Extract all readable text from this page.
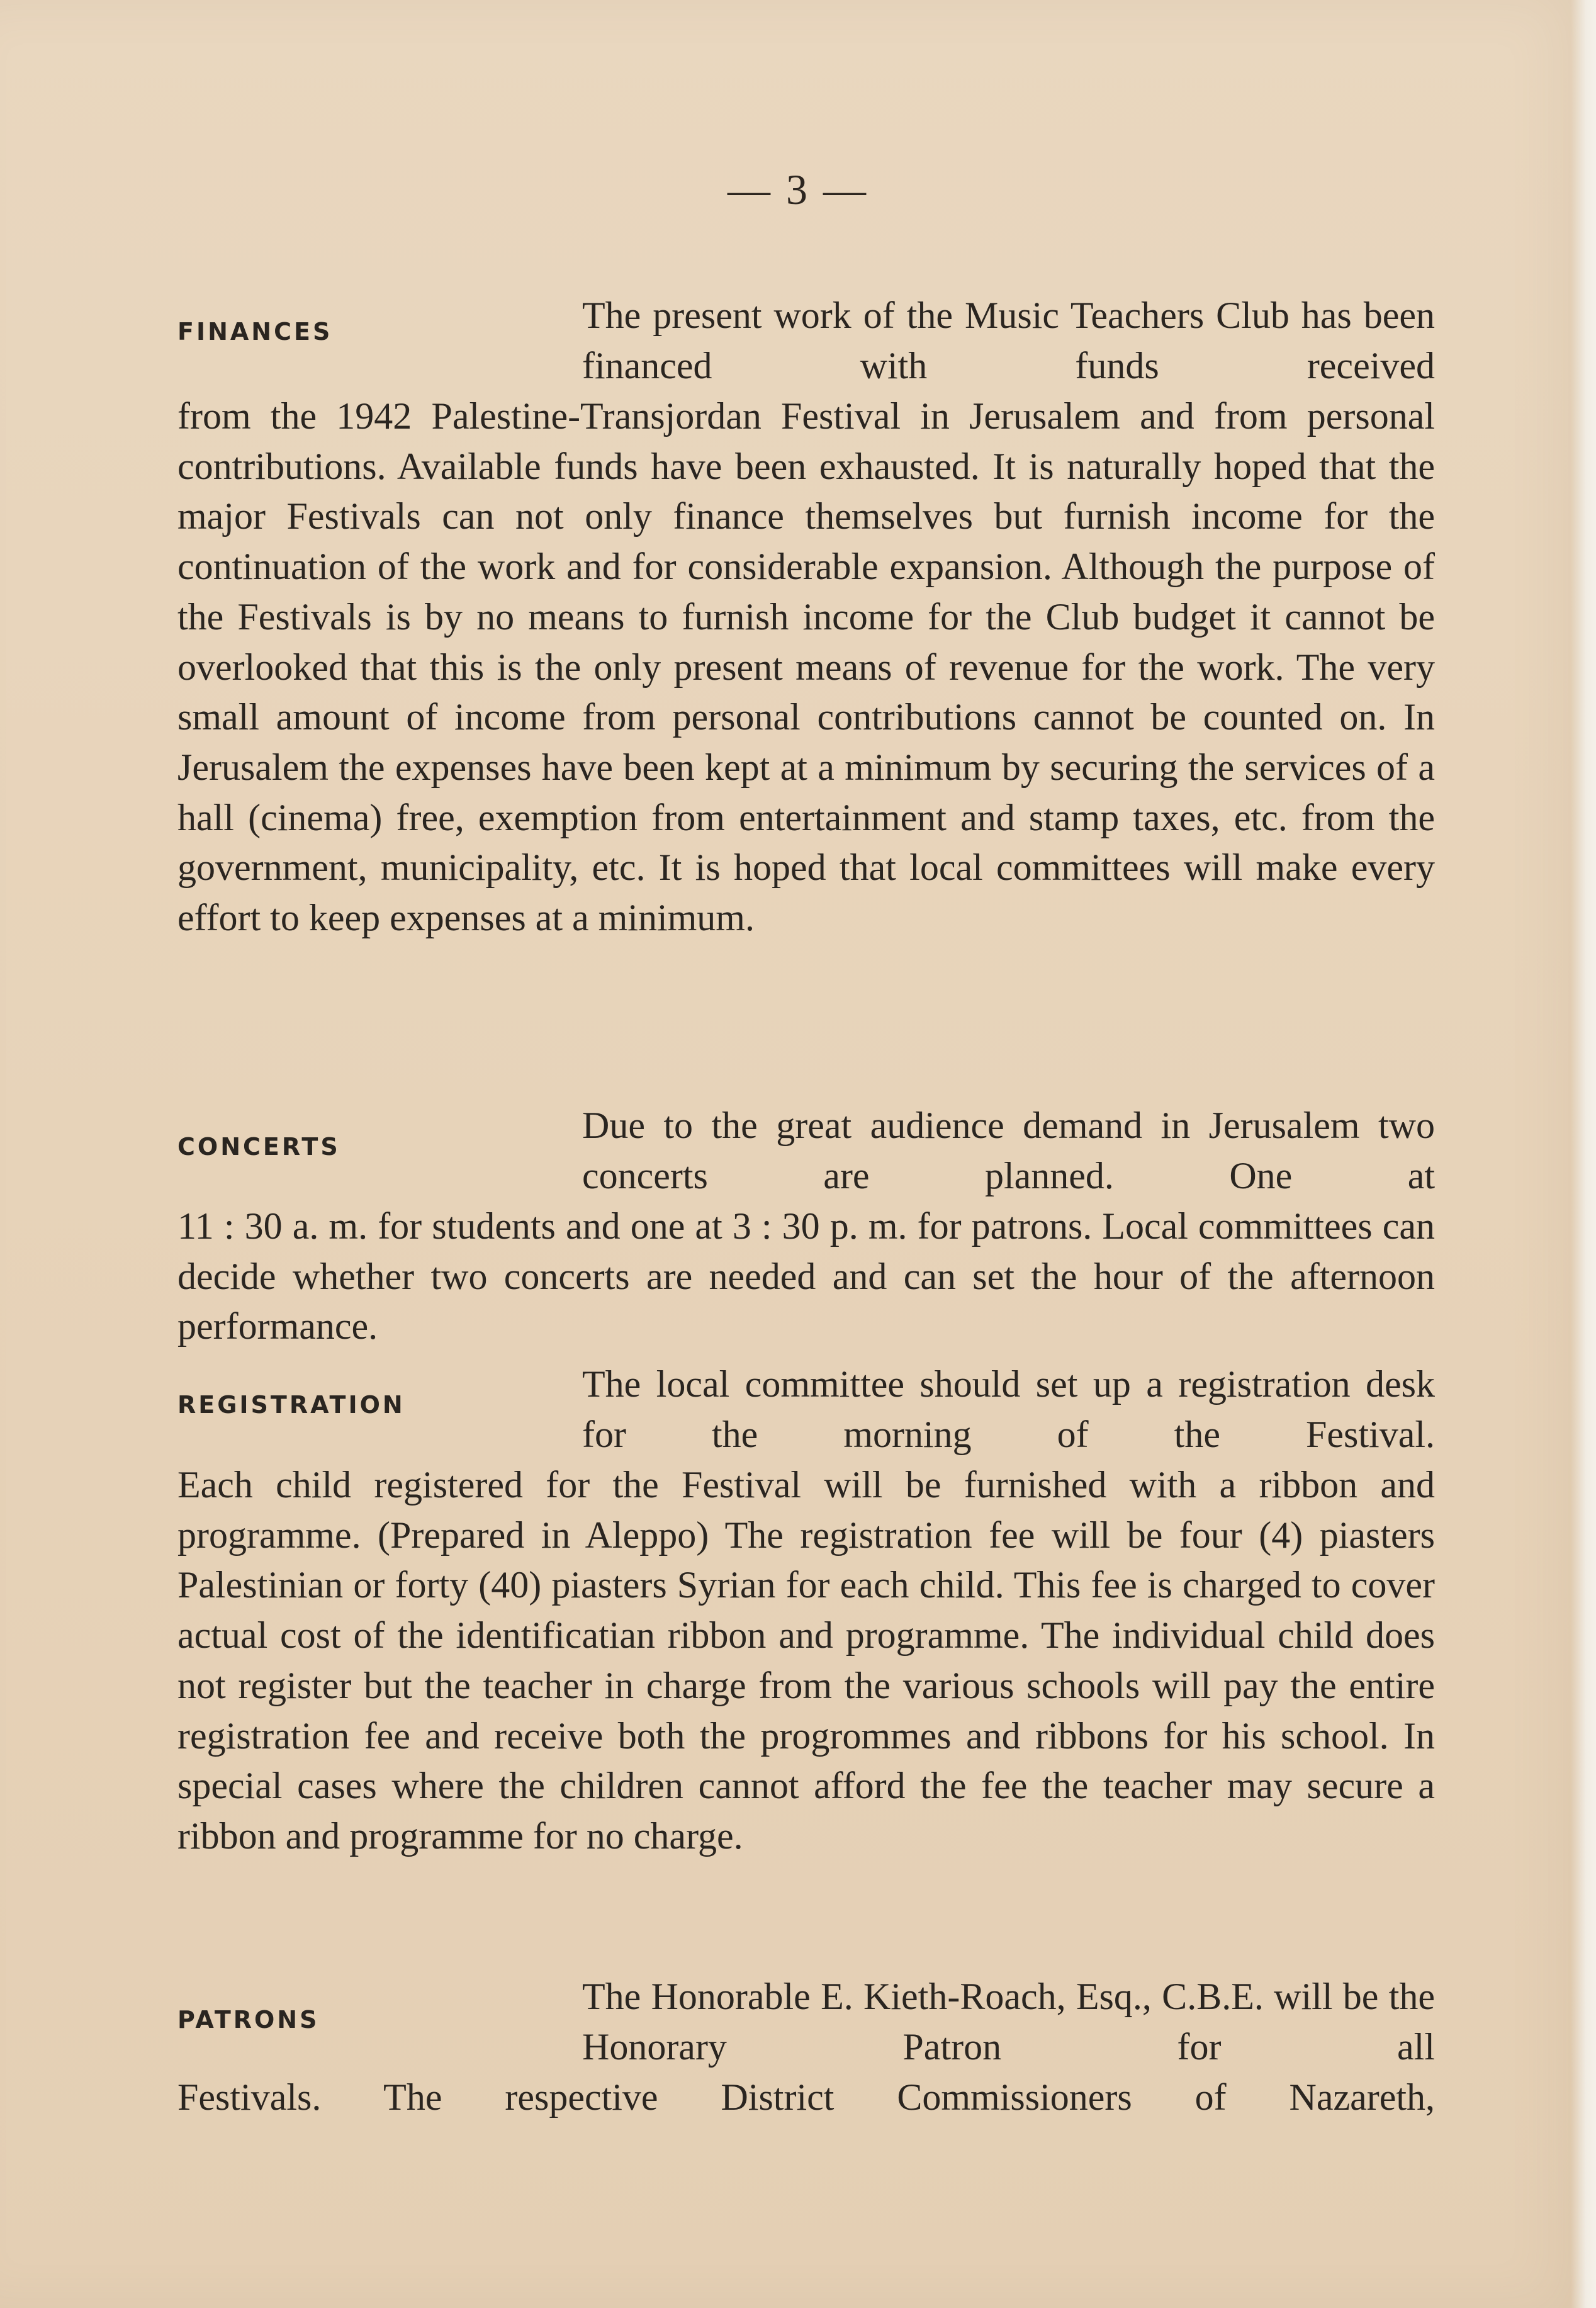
— 3 —
FINANCES	The present work of the Music Teachers Club has been financed with funds received

from the 1942 Palestine-Transjordan Festival in Jerusalem and from personal contributions. Available funds have been exhausted. It is naturally hoped that the major Festivals can not only finance themselves but furnish income for the continuation of the work and for considerable expansion. Although the purpose of the Festivals is by no means to furnish income for the Club budget it cannot be overlooked that this is the only present means of revenue for the work. The very small amount of income from personal contributions cannot be counted on. In Jerusalem the expenses have been kept at a minimum by securing the services of a hall (cinema) free, exemption from entertainment and stamp taxes, etc. from the government, municipality, etc. It is hoped that local committees will make every effort to keep expenses at a minimum.

CONCERTS

Due to the great audience demand in Jerusalem two concerts are planned. One at

11 : 30 a. m. for students and one at 3 : 30 p. m. for patrons. Local committees can decide whether two concerts are needed and can set the hour of the afternoon performance.

REGISTRATION	The local committee should set up a registration desk for the morning of the Festival.

Each child registered for the Festival will be furnished with a ribbon and programme. (Prepared in Aleppo) The registration fee will be four (4) piasters Palestinian or forty (40) piasters Syrian for each child. This fee is charged to cover actual cost of the identificatian ribbon and programme. The individual child does not register but the teacher in charge from the various schools will pay the entire registration fee and receive both the progrommes and ribbons for his school. In special cases where the children cannot afford the fee the teacher may secure a ribbon and programme for no charge.

PATRONS

The Honorable E. Kieth-Roach, Esq., C.B.E. will be the Honorary Patron for all

Festivals. The respective District Commissioners of Nazareth,
